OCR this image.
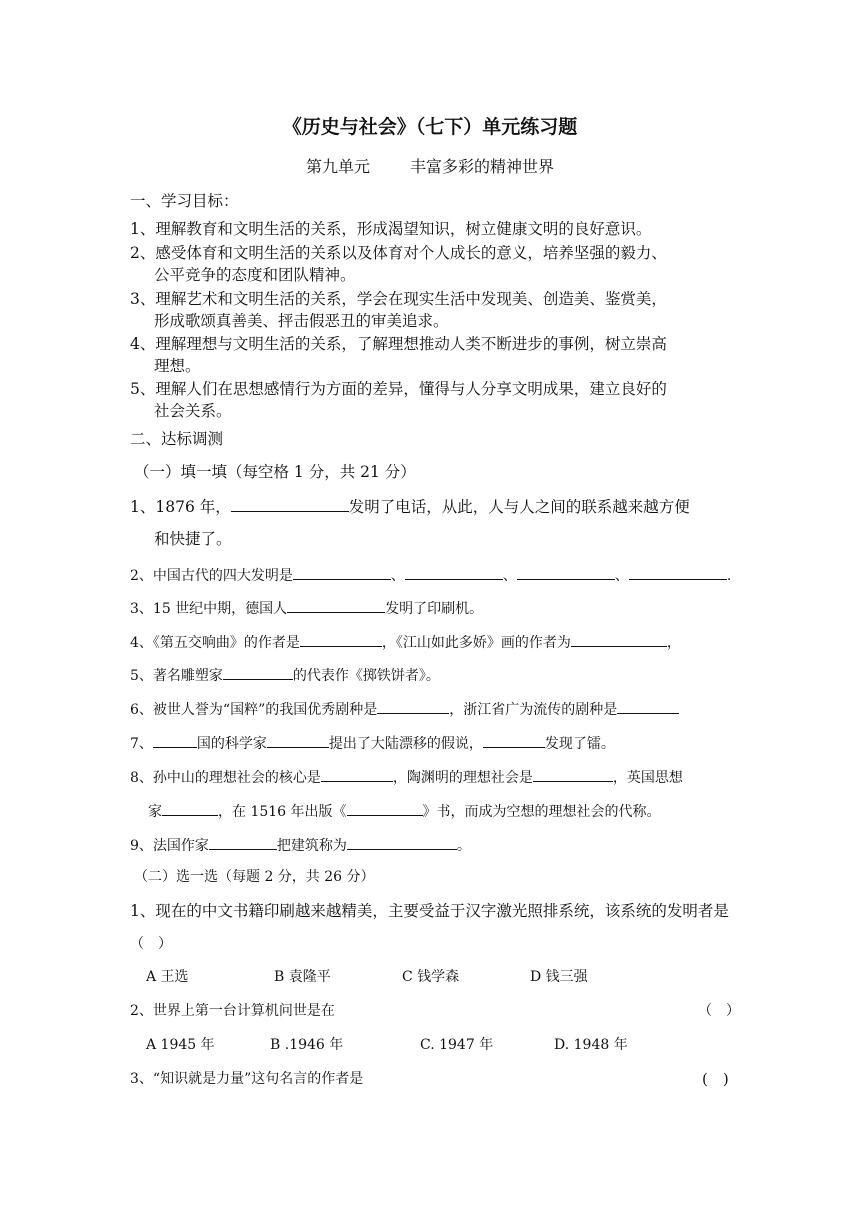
《历史与社会》（七下）单元练习题
第九单元	丰富多彩的精神世界
一、学习目标：
1、理解教育和文明生活的关系，形成渴望知识，树立健康文明的良好意识。
2、感受体育和文明生活的关系以及体育对个人成长的意义，培养坚强的毅力、
公平竞争的态度和团队精神。
3、理解艺术和文明生活的关系，学会在现实生活中发现美、创造美、鉴赏美，
形成歌颂真善美、抨击假恶丑的审美追求。
4、理解理想与文明生活的关系，了解理想推动人类不断进步的事例，树立崇高
理想。
5、理解人们在思想感情行为方面的差异，懂得与人分享文明成果，建立良好的
社会关系。
二、达标调测
（一）填一填（每空格 1 分，共 21 分）
1、1876 年，	发明了电话，从此，人与人之间的联系越来越方便
和快捷了。
2、中国古代的四大发明是	、	、	、	.
3、15 世纪中期，德国人	发明了印刷机。
4、《第五交响曲》的作者是	，《江山如此多娇》画的作者为	，
5、著名雕塑家	的代表作《掷铁饼者》。
6、被世人誉为“国粹”的我国优秀剧种是	，浙江省广为流传的剧种是
7、	国的科学家	提出了大陆漂移的假说，	发现了镭。
8、孙中山的理想社会的核心是	，陶渊明的理想社会是	，英国思想
家	，在 1516 年出版《	》书，而成为空想的理想社会的代称。
9、法国作家	把建筑称为	。
（二）选一选（每题 2 分，共 26 分）
1、现在的中文书籍印刷越来越精美，主要受益于汉字激光照排系统，该系统的发明者是
（　）
A 王选	B 袁隆平	C 钱学森	D 钱三强
2、世界上第一台计算机问世是在	（　）
A 1945 年	B .1946 年	C. 1947 年	D. 1948 年
3、“知识就是力量”这句名言的作者是	(　)
